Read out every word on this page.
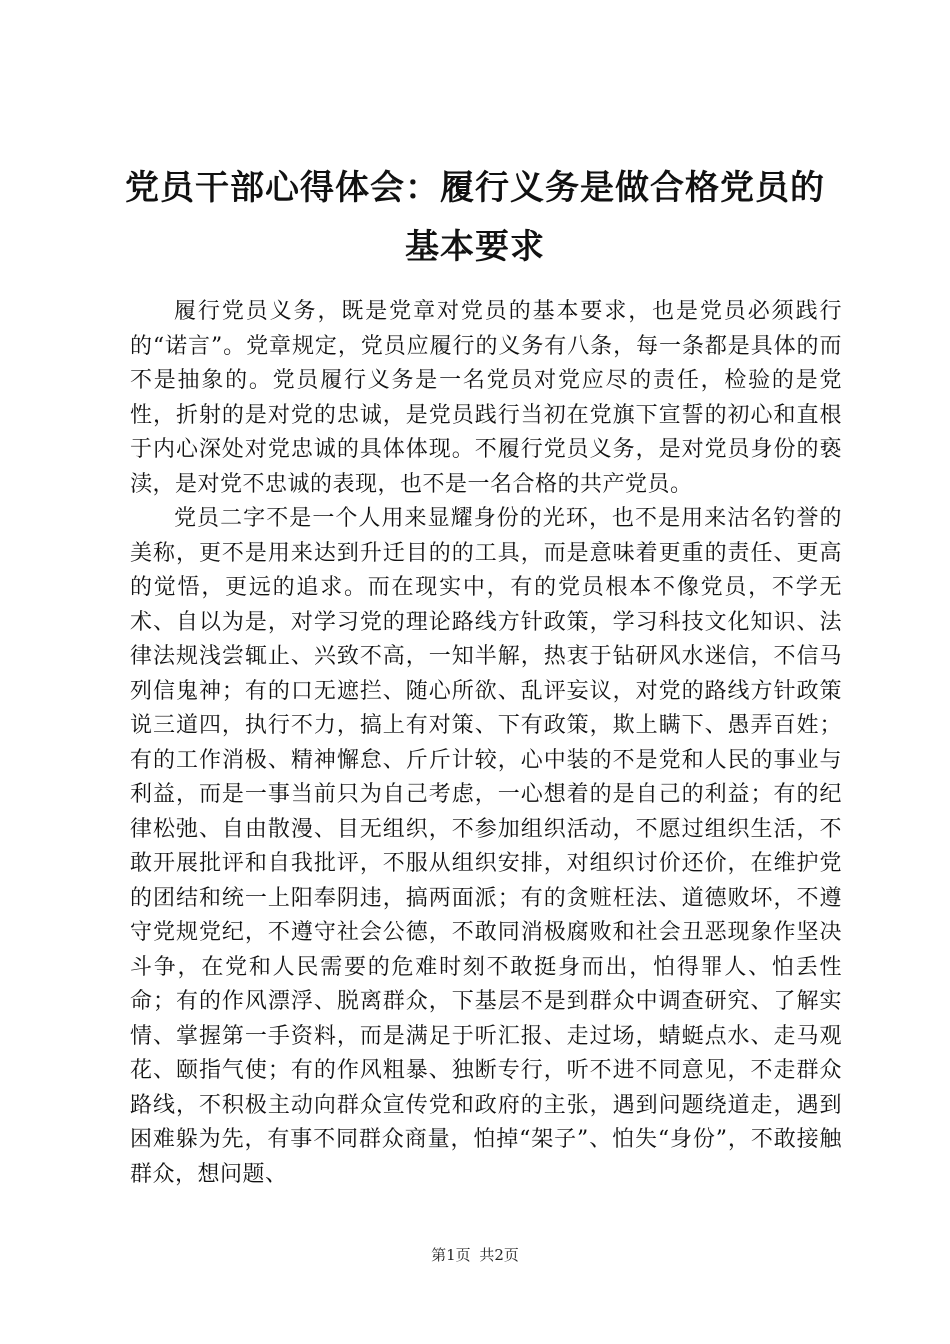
党员干部心得体会：履行义务是做合格党员的
基本要求

履行党员义务，既是党章对党员的基本要求，也是党员必须践行的“诺言”。党章规定，党员应履行的义务有八条，每一条都是具体的而不是抽象的。党员履行义务是一名党员对党应尽的责任，检验的是党性，折射的是对党的忠诚，是党员践行当初在党旗下宣誓的初心和直根于内心深处对党忠诚的具体体现。不履行党员义务，是对党员身份的亵渎，是对党不忠诚的表现，也不是一名合格的共产党员。

党员二字不是一个人用来显耀身份的光环，也不是用来沽名钓誉的美称，更不是用来达到升迁目的的工具，而是意味着更重的责任、更高的觉悟，更远的追求。而在现实中，有的党员根本不像党员，不学无术、自以为是，对学习党的理论路线方针政策，学习科技文化知识、法律法规浅尝辄止、兴致不高，一知半解，热衷于钻研风水迷信，不信马列信鬼神；有的口无遮拦、随心所欲、乱评妄议，对党的路线方针政策说三道四，执行不力，搞上有对策、下有政策，欺上瞒下、愚弄百姓；有的工作消极、精神懈怠、斤斤计较，心中装的不是党和人民的事业与利益，而是一事当前只为自己考虑，一心想着的是自己的利益；有的纪律松弛、自由散漫、目无组织，不参加组织活动，不愿过组织生活，不敢开展批评和自我批评，不服从组织安排，对组织讨价还价，在维护党的团结和统一上阳奉阴违，搞两面派；有的贪赃枉法、道德败坏，不遵守党规党纪，不遵守社会公德，不敢同消极腐败和社会丑恶现象作坚决斗争，在党和人民需要的危难时刻不敢挺身而出，怕得罪人、怕丢性命；有的作风漂浮、脱离群众，下基层不是到群众中调查研究、了解实情、掌握第一手资料，而是满足于听汇报、走过场，蜻蜓点水、走马观花、颐指气使；有的作风粗暴、独断专行，听不进不同意见，不走群众路线，不积极主动向群众宣传党和政府的主张，遇到问题绕道走，遇到困难躲为先，有事不同群众商量，怕掉“架子”、怕失“身份”，不敢接触群众，想问题、

第1页 共2页
